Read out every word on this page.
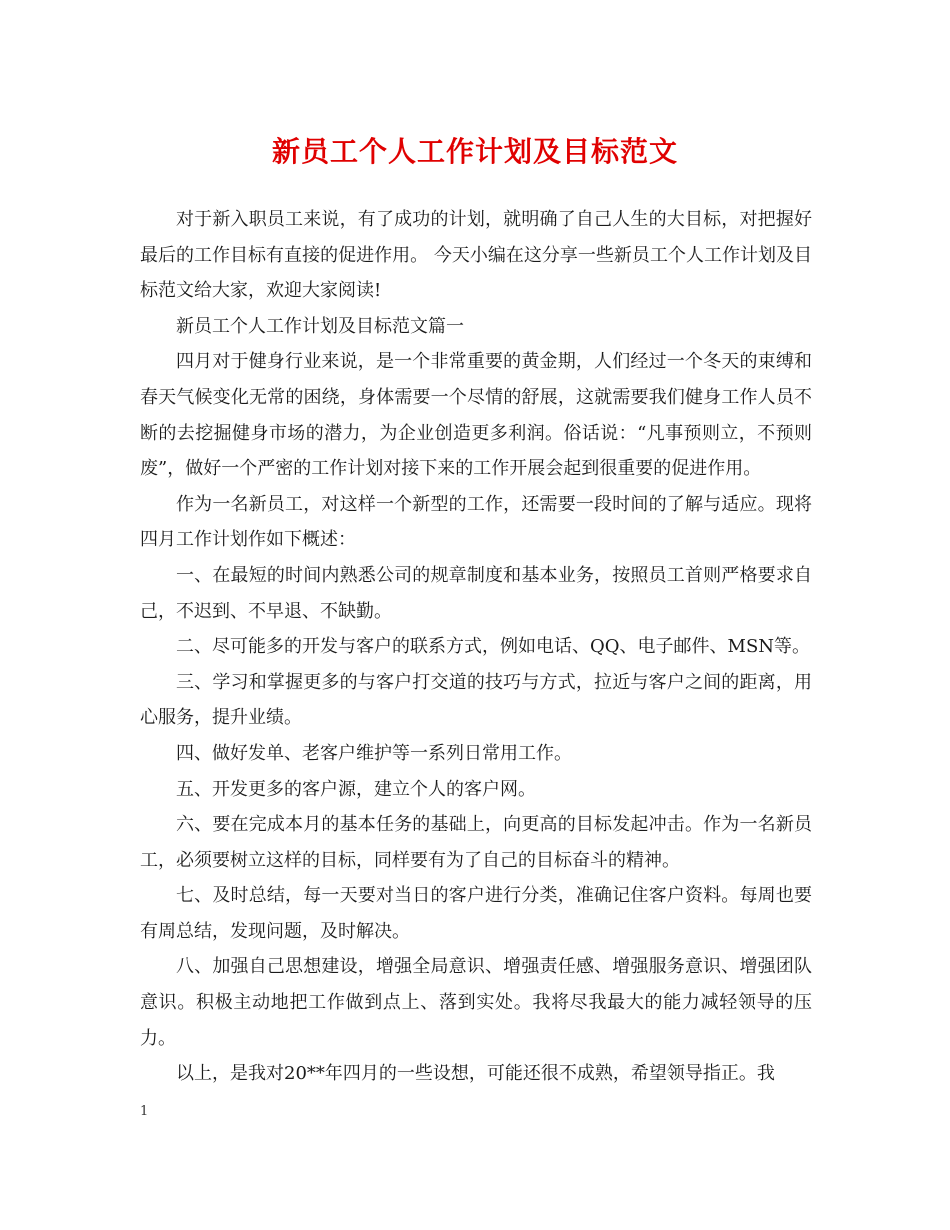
新员工个人工作计划及目标范文

对于新入职员工来说，有了成功的计划，就明确了自己人生的大目标，对把握好最后的工作目标有直接的促进作用。 今天小编在这分享一些新员工个人工作计划及目标范文给大家，欢迎大家阅读!

新员工个人工作计划及目标范文篇一

四月对于健身行业来说，是一个非常重要的黄金期，人们经过一个冬天的束缚和春天气候变化无常的困绕，身体需要一个尽情的舒展，这就需要我们健身工作人员不断的去挖掘健身市场的潜力，为企业创造更多利润。俗话说：“凡事预则立，不预则废”，做好一个严密的工作计划对接下来的工作开展会起到很重要的促进作用。

作为一名新员工，对这样一个新型的工作，还需要一段时间的了解与适应。现将四月工作计划作如下概述：

一、在最短的时间内熟悉公司的规章制度和基本业务，按照员工首则严格要求自己，不迟到、不早退、不缺勤。

二、尽可能多的开发与客户的联系方式，例如电话、QQ、电子邮件、MSN等。

三、学习和掌握更多的与客户打交道的技巧与方式，拉近与客户之间的距离，用心服务，提升业绩。

四、做好发单、老客户维护等一系列日常用工作。

五、开发更多的客户源，建立个人的客户网。

六、要在完成本月的基本任务的基础上，向更高的目标发起冲击。作为一名新员工，必须要树立这样的目标，同样要有为了自己的目标奋斗的精神。

七、及时总结，每一天要对当日的客户进行分类，准确记住客户资料。每周也要有周总结，发现问题，及时解决。

八、加强自己思想建设，增强全局意识、增强责任感、增强服务意识、增强团队意识。积极主动地把工作做到点上、落到实处。我将尽我最大的能力减轻领导的压力。

以上，是我对20**年四月的一些设想，可能还很不成熟，希望领导指正。我

1
